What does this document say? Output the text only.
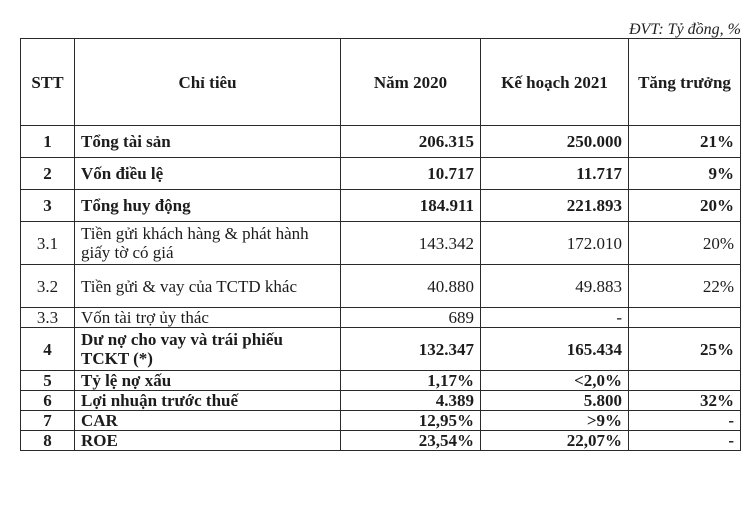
ĐVT: Tỷ đồng, %
STT	Chỉ tiêu	Năm 2020	Kế hoạch 2021	Tăng trưởng
1	Tổng tài sản	206.315	250.000	21%
2	Vốn điều lệ	10.717	11.717	9%
3	Tổng huy động	184.911	221.893	20%
3.1	Tiền gửi khách hàng & phát hành giấy tờ có giá	143.342	172.010	20%
3.2	Tiền gửi & vay của TCTD khác	40.880	49.883	22%
3.3	Vốn tài trợ ủy thác	689	-	
4	Dư nợ cho vay và trái phiếu TCKT (*)	132.347	165.434	25%
5	Tỷ lệ nợ xấu	1,17%	<2,0%	
6	Lợi nhuận trước thuế	4.389	5.800	32%
7	CAR	12,95%	>9%	-
8	ROE	23,54%	22,07%	-
